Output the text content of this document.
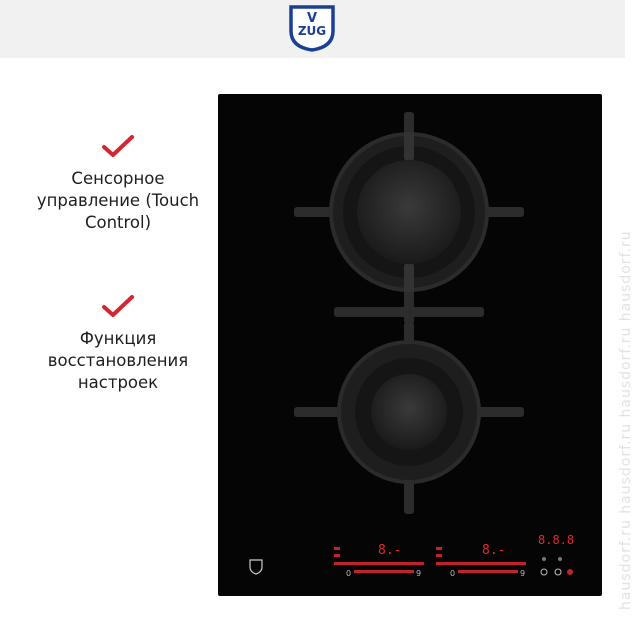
V
ZUG
Сенсорное
управление (Touch
Control)
Функция
восстановления
настроек
8.-
0	9
8.-
0	9
8.8.8	hausdorf.ru hausdorf.ru hausdorf.ru hausdorf.ru
